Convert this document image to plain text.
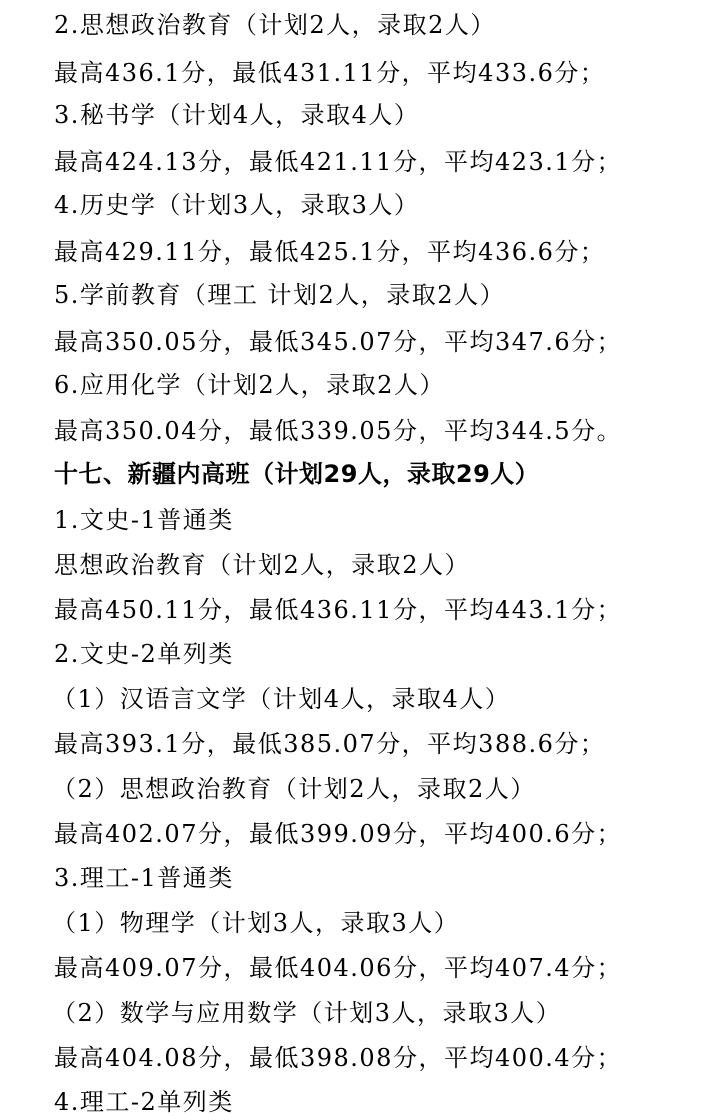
2.思想政治教育（计划2人，录取2人）
最高436.1分，最低431.11分，平均433.6分；
3.秘书学（计划4人，录取4人）
最高424.13分，最低421.11分，平均423.1分；
4.历史学（计划3人，录取3人）
最高429.11分，最低425.1分，平均436.6分；
5.学前教育（理工 计划2人，录取2人）
最高350.05分，最低345.07分，平均347.6分；
6.应用化学（计划2人，录取2人）
最高350.04分，最低339.05分，平均344.5分。
十七、新疆内高班（计划29人，录取29人）
1.文史-1普通类
思想政治教育（计划2人，录取2人）
最高450.11分，最低436.11分，平均443.1分；
2.文史-2单列类
（1）汉语言文学（计划4人，录取4人）
最高393.1分，最低385.07分，平均388.6分；
（2）思想政治教育（计划2人，录取2人）
最高402.07分，最低399.09分，平均400.6分；
3.理工-1普通类
（1）物理学（计划3人，录取3人）
最高409.07分，最低404.06分，平均407.4分；
（2）数学与应用数学（计划3人，录取3人）
最高404.08分，最低398.08分，平均400.4分；
4.理工-2单列类
